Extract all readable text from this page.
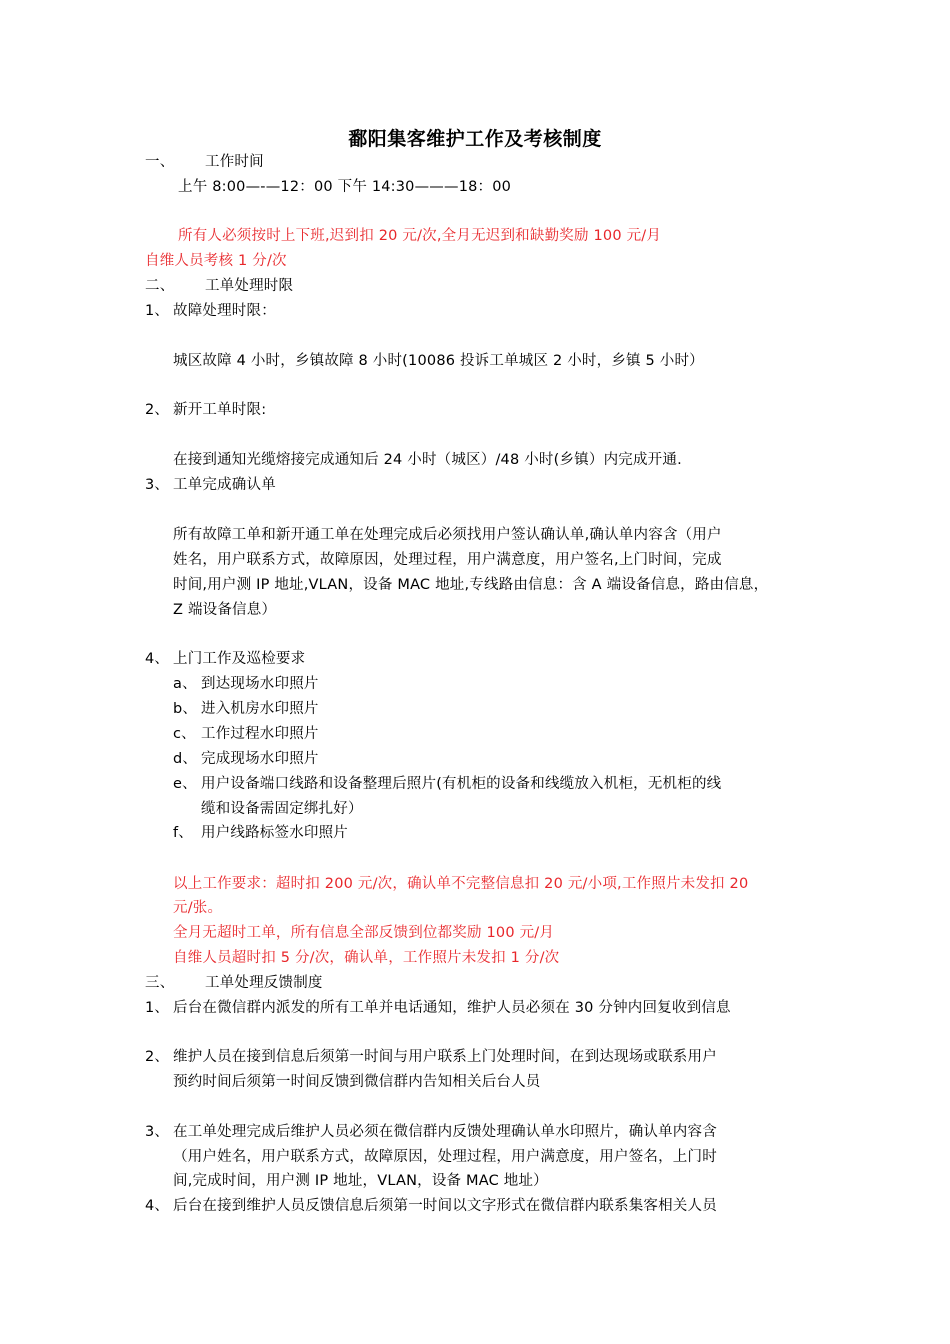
鄱阳集客维护工作及考核制度
一、 工作时间
上午 8:00—-—12：00 下午 14:30———18：00
所有人必须按时上下班,迟到扣 20 元/次,全月无迟到和缺勤奖励 100 元/月
自维人员考核 1 分/次
二、 工单处理时限
1、 故障处理时限：
城区故障 4 小时，乡镇故障 8 小时(10086 投诉工单城区 2 小时，乡镇 5 小时）
2、 新开工单时限:
在接到通知光缆熔接完成通知后 24 小时（城区）/48 小时(乡镇）内完成开通.
3、 工单完成确认单
所有故障工单和新开通工单在处理完成后必须找用户签认确认单,确认单内容含（用户
姓名，用户联系方式，故障原因，处理过程，用户满意度，用户签名,上门时间，完成
时间,用户测 IP 地址,VLAN，设备 MAC 地址,专线路由信息：含 A 端设备信息，路由信息，
Z 端设备信息）
4、 上门工作及巡检要求
a、 到达现场水印照片
b、 进入机房水印照片
c、 工作过程水印照片
d、 完成现场水印照片
e、 用户设备端口线路和设备整理后照片(有机柜的设备和线缆放入机柜，无机柜的线
缆和设备需固定绑扎好）
f、 用户线路标签水印照片
以上工作要求：超时扣 200 元/次，确认单不完整信息扣 20 元/小项,工作照片未发扣 20
元/张。
全月无超时工单，所有信息全部反馈到位都奖励 100 元/月
自维人员超时扣 5 分/次，确认单，工作照片未发扣 1 分/次
三、 工单处理反馈制度
1、 后台在微信群内派发的所有工单并电话通知，维护人员必须在 30 分钟内回复收到信息
2、 维护人员在接到信息后须第一时间与用户联系上门处理时间，在到达现场或联系用户
预约时间后须第一时间反馈到微信群内告知相关后台人员
3、 在工单处理完成后维护人员必须在微信群内反馈处理确认单水印照片，确认单内容含
（用户姓名，用户联系方式，故障原因，处理过程，用户满意度，用户签名，上门时
间,完成时间，用户测 IP 地址，VLAN，设备 MAC 地址）
4、 后台在接到维护人员反馈信息后须第一时间以文字形式在微信群内联系集客相关人员
